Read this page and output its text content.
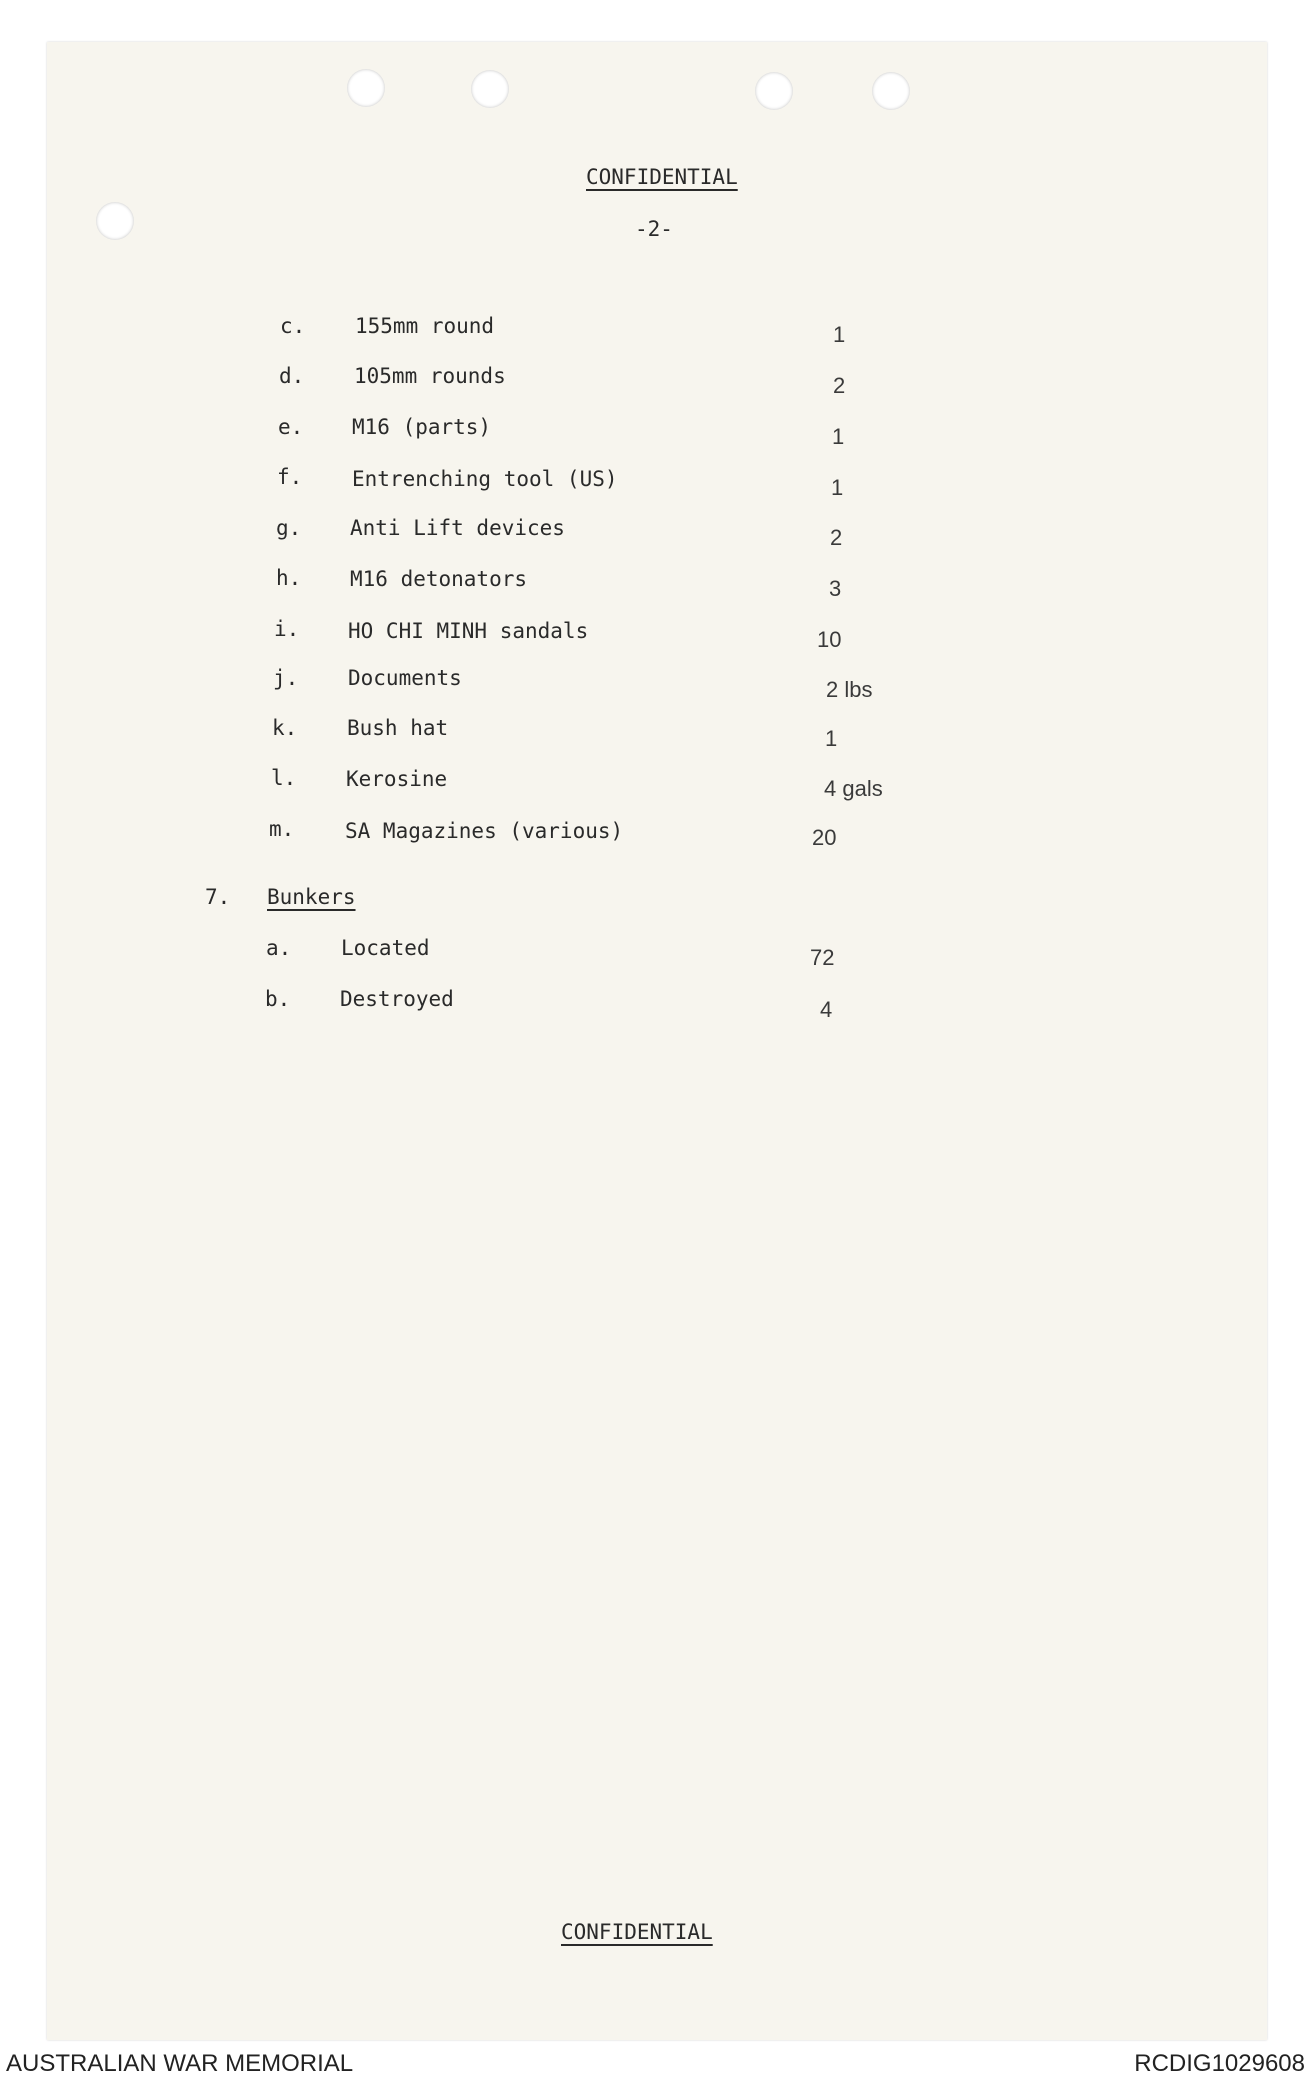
CONFIDENTIAL
-2-
c. 155mm round	1
d. 105mm rounds	2
e. M16 (parts)	1
f. Entrenching tool (US)	1
g. Anti Lift devices	2
h. M16 detonators	3
i. HO CHI MINH sandals	10
j. Documents	2 lbs
k. Bush hat	1
l. Kerosine	4 gals
m. SA Magazines (various)	20
7. Bunkers
a. Located	72
b. Destroyed	4
CONFIDENTIAL
AUSTRALIAN WAR MEMORIAL	RCDIG1029608
